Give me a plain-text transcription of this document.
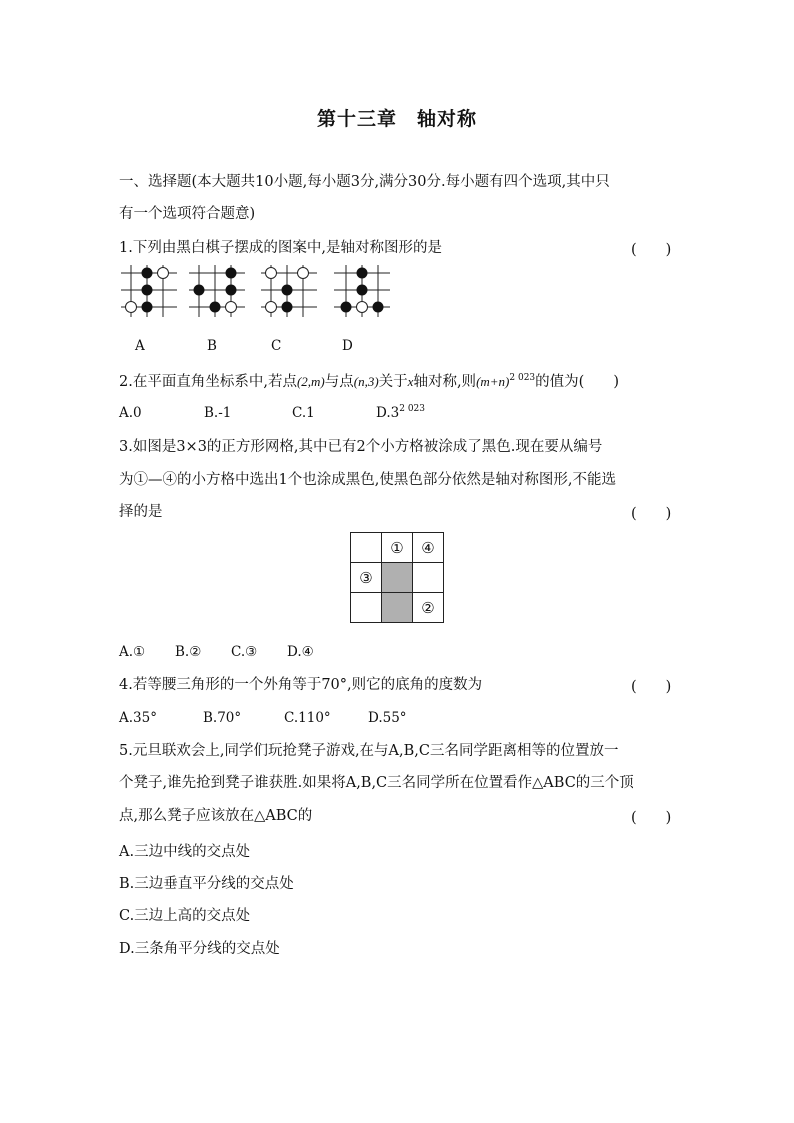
第十三章　轴对称
一、选择题(本大题共10小题,每小题3分,满分30分.每小题有四个选项,其中只
有一个选项符合题意)
1.下列由黑白棋子摆成的图案中,是轴对称图形的是	(　　)
A	B	C	D
2.在平面直角坐标系中,若点(2,m)与点(n,3)关于x轴对称,则$(m+n)^{2 023}$的值为(　　)
A.0	B.-1	C.1	D.32 023
3.如图是3×3的正方形网格,其中已有2个小方格被涂成了黑色.现在要从编号
为①—④的小方格中选出1个也涂成黑色,使黑色部分依然是轴对称图形,不能选
择的是	(　　)
	①	④
③		
		②
A.① B.② C.③ D.④
4.若等腰三角形的一个外角等于70°,则它的底角的度数为	(　　)
A.35°	B.70°	C.110°	D.55°
5.元旦联欢会上,同学们玩抢凳子游戏,在与A,B,C三名同学距离相等的位置放一
个凳子,谁先抢到凳子谁获胜.如果将A,B,C三名同学所在位置看作△ABC的三个顶
点,那么凳子应该放在△ABC的	(　　)
A.三边中线的交点处
B.三边垂直平分线的交点处
C.三边上高的交点处
D.三条角平分线的交点处
